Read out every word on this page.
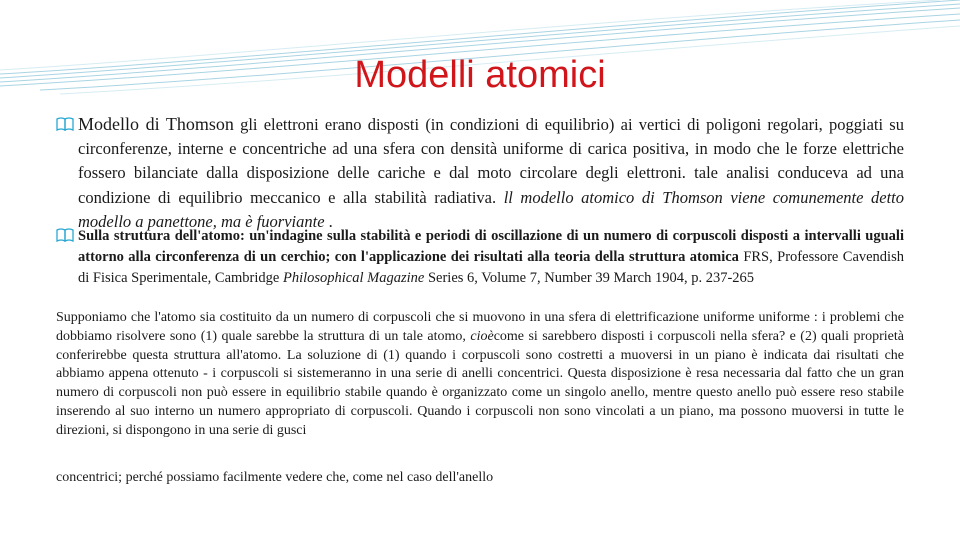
Modelli atomici
Modello di Thomson gli elettroni erano disposti (in condizioni di equilibrio) ai vertici di poligoni regolari, poggiati su circonferenze, interne e concentriche ad una sfera con densità uniforme di carica positiva, in modo che le forze elettriche fossero bilanciate dalla disposizione delle cariche e dal moto circolare degli elettroni. tale analisi conduceva ad una condizione di equilibrio meccanico e alla stabilità radiativa. ll modello atomico di Thomson viene comunemente detto modello a panettone, ma è fuorviante .
Sulla struttura dell'atomo: un'indagine sulla stabilità e periodi di oscillazione di un numero di corpuscoli disposti a intervalli uguali attorno alla circonferenza di un cerchio; con l'applicazione dei risultati alla teoria della struttura atomica FRS, Professore Cavendish di Fisica Sperimentale, Cambridge Philosophical Magazine Series 6, Volume 7, Number 39 March 1904, p. 237-265
Supponiamo che l'atomo sia costituito da un numero di corpuscoli che si muovono in una sfera di elettrificazione uniforme uniforme : i problemi che dobbiamo risolvere sono (1) quale sarebbe la struttura di un tale atomo, cioècome si sarebbero disposti i corpuscoli nella sfera? e (2) quali proprietà conferirebbe questa struttura all'atomo. La soluzione di (1) quando i corpuscoli sono costretti a muoversi in un piano è indicata dai risultati che abbiamo appena ottenuto - i corpuscoli si sistemeranno in una serie di anelli concentrici. Questa disposizione è resa necessaria dal fatto che un gran numero di corpuscoli non può essere in equilibrio stabile quando è organizzato come un singolo anello, mentre questo anello può essere reso stabile inserendo al suo interno un numero appropriato di corpuscoli. Quando i corpuscoli non sono vincolati a un piano, ma possono muoversi in tutte le direzioni, si dispongono in una serie di gusci
concentrici; perché possiamo facilmente vedere che, come nel caso dell'anello
